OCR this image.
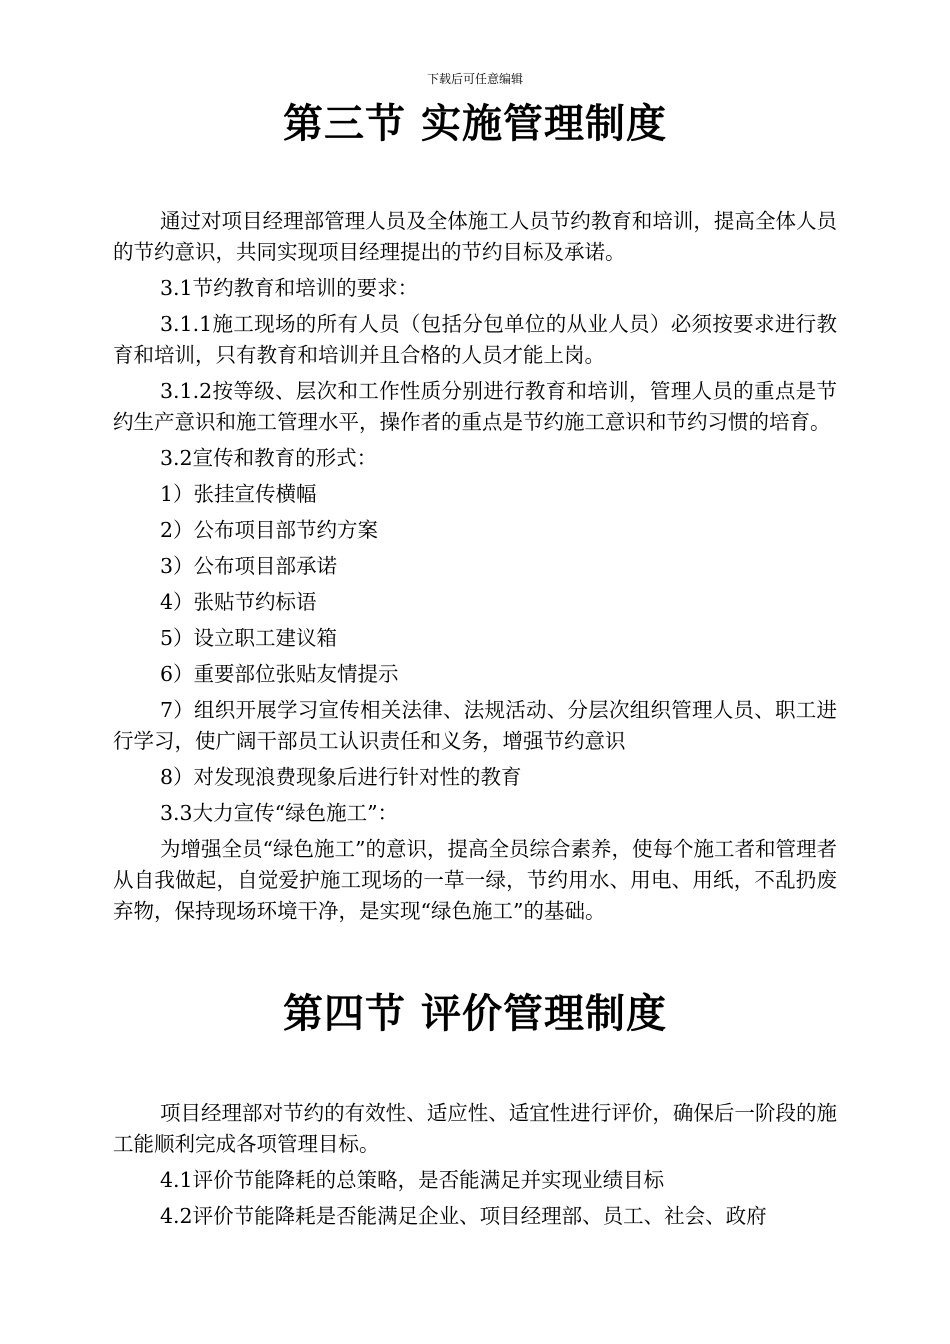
下载后可任意编辑
第三节 实施管理制度

通过对项目经理部管理人员及全体施工人员节约教育和培训，提高全体人员的节约意识，共同实现项目经理提出的节约目标及承诺。

3.1节约教育和培训的要求：

3.1.1施工现场的所有人员（包括分包单位的从业人员）必须按要求进行教育和培训，只有教育和培训并且合格的人员才能上岗。

3.1.2按等级、层次和工作性质分别进行教育和培训，管理人员的重点是节约生产意识和施工管理水平，操作者的重点是节约施工意识和节约习惯的培育。

3.2宣传和教育的形式：

1）张挂宣传横幅

2）公布项目部节约方案

3）公布项目部承诺

4）张贴节约标语

5）设立职工建议箱

6）重要部位张贴友情提示

7）组织开展学习宣传相关法律、法规活动、分层次组织管理人员、职工进行学习，使广阔干部员工认识责任和义务，增强节约意识

8）对发现浪费现象后进行针对性的教育

3.3大力宣传“绿色施工”：

为增强全员“绿色施工”的意识，提高全员综合素养，使每个施工者和管理者从自我做起，自觉爱护施工现场的一草一绿，节约用水、用电、用纸，不乱扔废弃物，保持现场环境干净，是实现“绿色施工”的基础。

第四节 评价管理制度

项目经理部对节约的有效性、适应性、适宜性进行评价，确保后一阶段的施工能顺利完成各项管理目标。

4.1评价节能降耗的总策略，是否能满足并实现业绩目标

4.2评价节能降耗是否能满足企业、项目经理部、员工、社会、政府
